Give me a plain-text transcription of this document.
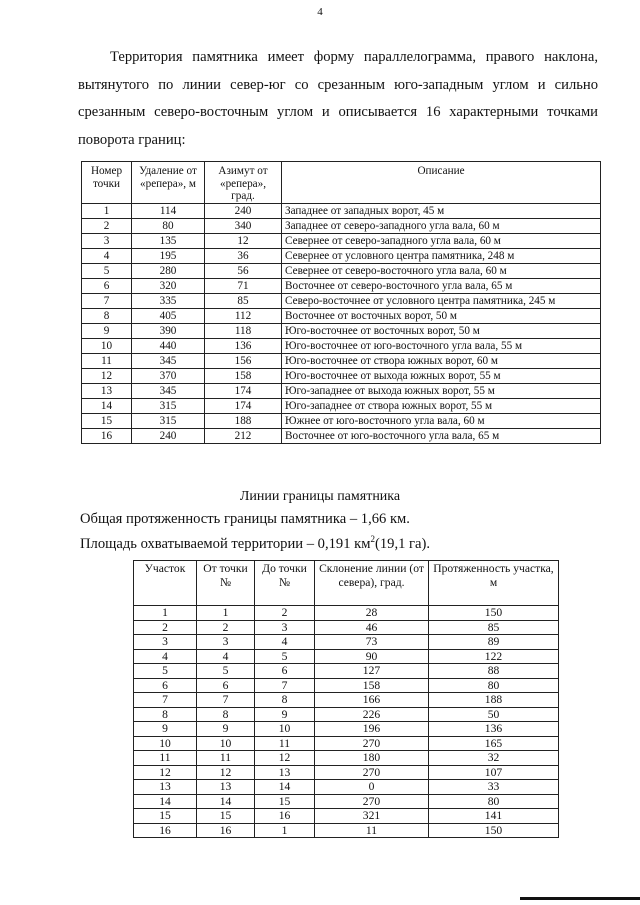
4

Территория памятника имеет форму параллелограмма, правого наклона, вытянутого по линии север-юг со срезанным юго-западным углом и сильно срезанным северо-восточным углом и описывается 16 характерными точками поворота границ:

Номер точки	Удаление от «репера», м	Азимут от «репера», град.	Описание
1	114	240	Западнее от западных ворот, 45 м
2	80	340	Западнее от северо-западного угла вала, 60 м
3	135	12	Севернее от северо-западного угла вала, 60 м
4	195	36	Севернее от условного центра памятника, 248 м
5	280	56	Севернее от северо-восточного угла вала, 60 м
6	320	71	Восточнее от северо-восточного угла вала, 65 м
7	335	85	Северо-восточнее от условного центра памятника, 245 м
8	405	112	Восточнее от восточных ворот, 50 м
9	390	118	Юго-восточнее от восточных ворот, 50 м
10	440	136	Юго-восточнее от юго-восточного угла вала, 55 м
11	345	156	Юго-восточнее от створа южных ворот, 60 м
12	370	158	Юго-восточнее от выхода южных ворот, 55 м
13	345	174	Юго-западнее от выхода южных ворот, 55 м
14	315	174	Юго-западнее от створа южных ворот, 55 м
15	315	188	Южнее от юго-восточного угла вала, 60 м
16	240	212	Восточнее от юго-восточного угла вала, 65 м

Линии границы памятника

Общая протяженность границы памятника – 1,66 км.
Площадь охватываемой территории – 0,191 $км^2(19,1$ га).

Участок	От точки №	До точки №	Склонение линии (от севера), град.	Протяженность участка, м
1	1	2	28	150
2	2	3	46	85
3	3	4	73	89
4	4	5	90	122
5	5	6	127	88
6	6	7	158	80
7	7	8	166	188
8	8	9	226	50
9	9	10	196	136
10	10	11	270	165
11	11	12	180	32
12	12	13	270	107
13	13	14	0	33
14	14	15	270	80
15	15	16	321	141
16	16	1	11	150
